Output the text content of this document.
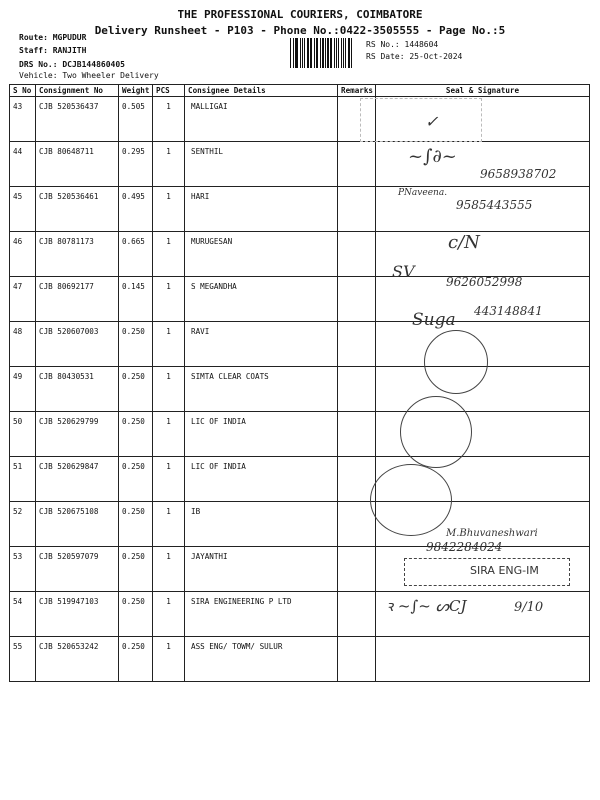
THE PROFESSIONAL COURIERS, COIMBATORE
Delivery Runsheet - P103 - Phone No.:0422-3505555 - Page No.:5
Route: MGPUDUR
Staff: RANJITH
DRS No.: DCJB144860405
Vehicle: Two Wheeler Delivery
RS No.: 1448604
RS Date: 25-Oct-2024
S No	Consignment No	Weight	PCS	Consignee Details	Remarks	Seal & Signature
43	CJB 520536437	0.505	1	MALLIGAI		
44	CJB 80648711	0.295	1	SENTHIL		
45	CJB 520536461	0.495	1	HARI		
46	CJB 80781173	0.665	1	MURUGESAN		
47	CJB 80692177	0.145	1	S MEGANDHA		
48	CJB 520607003	0.250	1	RAVI		
49	CJB 80430531	0.250	1	SIMTA CLEAR COATS		
50	CJB 520629799	0.250	1	LIC OF INDIA		
51	CJB 520629847	0.250	1	LIC OF INDIA		
52	CJB 520675108	0.250	1	IB		
53	CJB 520597079	0.250	1	JAYANTHI		
54	CJB 519947103	0.250	1	SIRA ENGINEERING P LTD		
55	CJB 520653242	0.250	1	ASS ENG/ TOWM/ SULUR		
✓
~∫∂~
9658938702
PNaveena.
9585443555
c/N
SV
9626052998
Suga 443148841
M.Bhuvaneshwari
9842284024
SIRA ENG-IM
ꝛ ~∫~ ᔕCJ	9/10
